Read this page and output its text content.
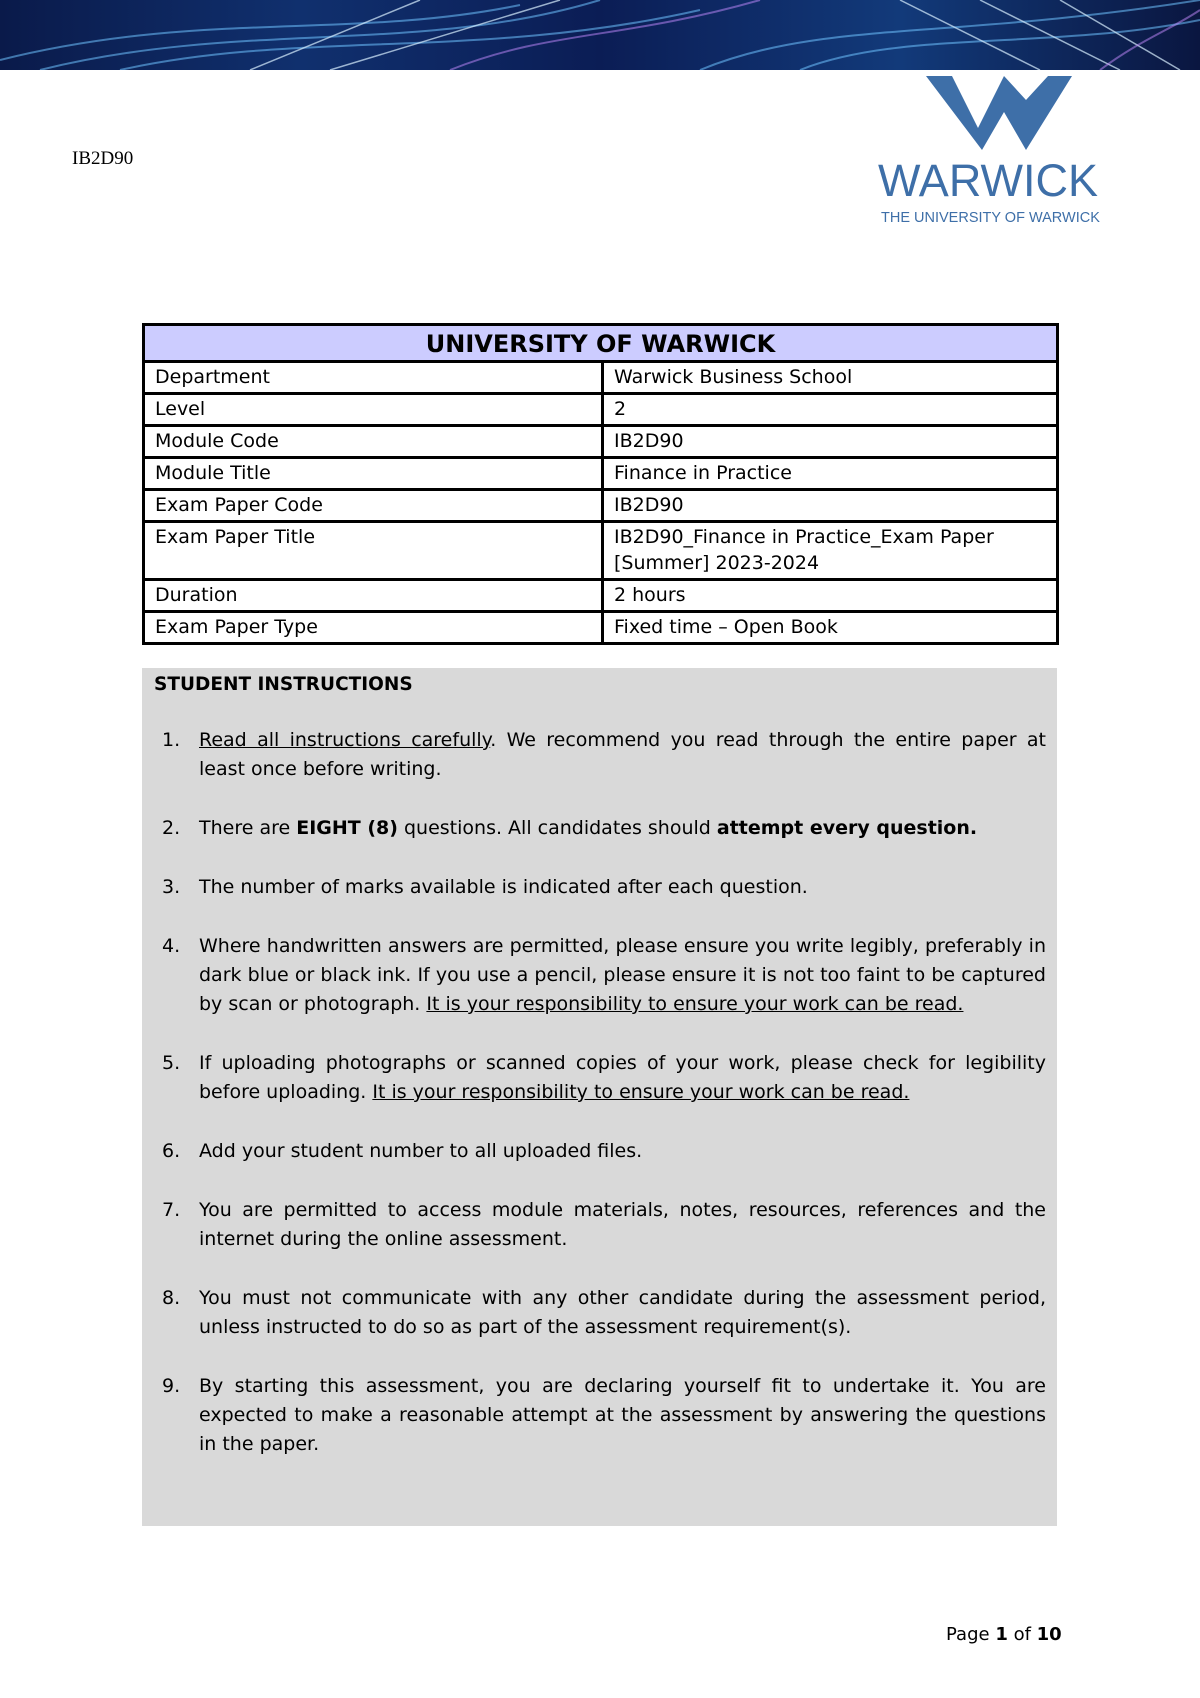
IB2D90	WARWICK
THE UNIVERSITY OF WARWICK
UNIVERSITY OF WARWICK	
Department	Warwick Business School
Level	2
Module Code	IB2D90
Module Title	Finance in Practice
Exam Paper Code	IB2D90
Exam Paper Title	IB2D90_Finance in Practice_Exam Paper
[Summer] 2023-2024

Duration	2 hours
Exam Paper Type	Fixed time – Open Book
STUDENT INSTRUCTIONS
1. Read all instructions carefully. We recommend you read through the entire paper at least once before writing.
2. There are EIGHT (8) questions. All candidates should attempt every question.
3. The number of marks available is indicated after each question.
4. Where handwritten answers are permitted, please ensure you write legibly, preferably in dark blue or black ink. If you use a pencil, please ensure it is not too faint to be captured by scan or photograph. It is your responsibility to ensure your work can be read.
5. If uploading photographs or scanned copies of your work, please check for legibility before uploading. It is your responsibility to ensure your work can be read.
6. Add your student number to all uploaded files.
7. You are permitted to access module materials, notes, resources, references and the internet during the online assessment.
8. You must not communicate with any other candidate during the assessment period, unless instructed to do so as part of the assessment requirement(s).
9. By starting this assessment, you are declaring yourself fit to undertake it. You are expected to make a reasonable attempt at the assessment by answering the questions in the paper.
Page 1 of 10
